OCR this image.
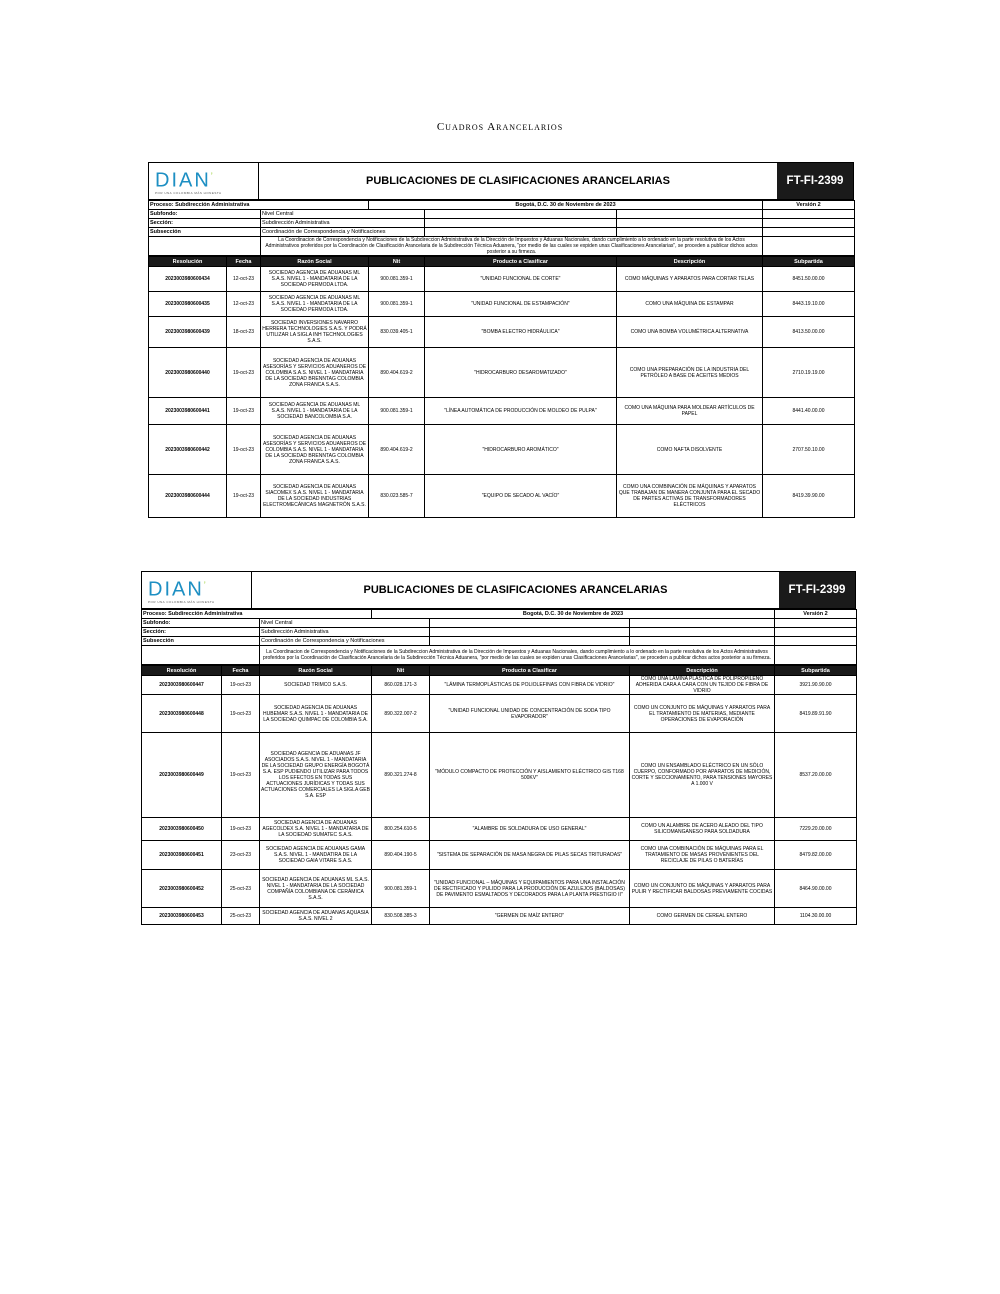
Cuadros Arancelarios
DIAN’
POR UNA COLOMBIA MÁS HONESTA
PUBLICACIONES DE CLASIFICACIONES ARANCELARIAS	FT-FI-2399
Proceso: Subdirección Administrativa		Bogotá, D.C. 30 de Noviembre de 2023			Versión 2
Subfondo:	Nivel Central				
Sección:	Subdirección Administrativa				
Subsección	Coordinación de Correspondencia y Notificaciones				
	La Coordinacion de Correspondencia y Notificaciones de la Subdireccion Administrativa de la Dirección de Impuestos y Aduanas Nacionales, dando cumplimiento a lo ordenado en la parte resolutiva de los Actos Administrativos proferidos por la Coordinación de Clasificación Arancelaria de la Subdirección Técnica Aduanera, "por medio de las cuales se expiden unas Clasificaciones Arancelarias", se proceden a publicar dichos actos posterior a su firmeza.				
Resolución	Fecha	Razón Social	Nit	Producto a Clasificar	Descripción	Subpartida
2023003980600434	12-oct-23	SOCIEDAD AGENCIA DE ADUANAS ML S.A.S. NIVEL 1 - MANDATARIA DE LA SOCIEDAD PERMODA LTDA.	900.081.359-1	"UNIDAD FUNCIONAL DE CORTE"	COMO MÁQUINAS Y APARATOS PARA CORTAR TELAS	8451.50.00.00
2023003980600435	12-oct-23	SOCIEDAD AGENCIA DE ADUANAS ML S.A.S. NIVEL 1 - MANDATARIA DE LA SOCIEDAD PERMODA LTDA.	900.081.359-1	"UNIDAD FUNCIONAL DE ESTAMPACIÓN"	COMO UNA MÁQUINA DE ESTAMPAR	8443.19.10.00
2023003980600439	18-oct-23	SOCIEDAD INVERSIONES NAVARRO HERRERA TECHNOLOGIES S.A.S. Y PODRÁ UTILIZAR LA SIGLA INH TECHNOLOGIES S.A.S.	830.039.405-1	"BOMBA ELECTRO HIDRÁULICA"	COMO UNA BOMBA VOLUMÉTRICA ALTERNATIVA	8413.50.00.00
2023003980600440	19-oct-23	SOCIEDAD AGENCIA DE ADUANAS ASESORÍAS Y SERVICIOS ADUANEROS DE COLOMBIA S.A.S. NIVEL 1 - MANDATARIA DE LA SOCIEDAD BRENNTAG COLOMBIA ZONA FRANCA S.A.S.	890.404.619-2	"HIDROCARBURO DESAROMATIZADO"	COMO UNA PREPARACIÓN DE LA INDUSTRIA DEL PETRÓLEO A BASE DE ACEITES MEDIOS	2710.19.19.00
2023003980600441	19-oct-23	SOCIEDAD AGENCIA DE ADUANAS ML S.A.S. NIVEL 1 - MANDATARIA DE LA SOCIEDAD BANCOLOMBIA S.A.	900.081.359-1	"LÍNEA AUTOMÁTICA DE PRODUCCIÓN DE MOLDEO DE PULPA"	COMO UNA MÁQUINA PARA MOLDEAR ARTÍCULOS DE PAPEL	8441.40.00.00
2023003980600442	19-oct-23	SOCIEDAD AGENCIA DE ADUANAS ASESORÍAS Y SERVICIOS ADUANEROS DE COLOMBIA S.A.S. NIVEL 1 - MANDATARIA DE LA SOCIEDAD BRENNTAG COLOMBIA ZONA FRANCA S.A.S.	890.404.619-2	"HIDROCARBURO AROMÁTICO"	COMO NAFTA DISOLVENTE	2707.50.10.00
2023003980600444	19-oct-23	SOCIEDAD AGENCIA DE ADUANAS SIACOMEX S.A.S. NIVEL 1 - MANDATARIA DE LA SOCIEDAD INDUSTRIAS ELECTROMECÁNICAS MAGNETRÓN S.A.S.	830.023.585-7	"EQUIPO DE SECADO AL VACÍO"	COMO UNA COMBINACIÓN DE MÁQUINAS Y APARATOS QUE TRABAJAN DE MANERA CONJUNTA PARA EL SECADO DE PARTES ACTIVAS DE TRANSFORMADORES ELÉCTRICOS	8419.39.90.00
DIAN’
POR UNA COLOMBIA MÁS HONESTA
PUBLICACIONES DE CLASIFICACIONES ARANCELARIAS	FT-FI-2399
Proceso: Subdirección Administrativa		Bogotá, D.C. 30 de Noviembre de 2023			Versión 2
Subfondo:	Nivel Central				
Sección:	Subdirección Administrativa				
Subsección	Coordinación de Correspondencia y Notificaciones				
	La Coordinacion de Correspondencia y Notificaciones de la Subdireccion Administrativa de la Dirección de Impuestos y Aduanas Nacionales, dando cumplimiento a lo ordenado en la parte resolutiva de los Actos Administrativos proferidos por la Coordinación de Clasificación Arancelaria de la Subdirección Técnica Aduanera, "por medio de las cuales se expiden unas Clasificaciones Arancelarias", se proceden a publicar dichos actos posterior a su firmeza.				
Resolución	Fecha	Razón Social	Nit	Producto a Clasificar	Descripción	Subpartida
2023003980600447	19-oct-23	SOCIEDAD TRIMCO S.A.S.	860.028.171-3	"LÁMINA TERMOPLÁSTICAS DE POLIOLEFINAS CON FIBRA DE VIDRIO"	COMO UNA LÁMINA PLÁSTICA DE POLIPROPILENO ADHERIDA CARA A CARA CON UN TEJIDO DE FIBRA DE VIDRIO	3921.90.90.00
2023003980600448	19-oct-23	SOCIEDAD AGENCIA DE ADUANAS HUBEMAR S.A.S. NIVEL 1 - MANDATARIA DE LA SOCIEDAD QUIMPAC DE COLOMBIA S.A.	890.322.007-2	"UNIDAD FUNCIONAL UNIDAD DE CONCENTRACIÓN DE SODA TIPO EVAPORADOR"	COMO UN CONJUNTO DE MÁQUINAS Y APARATOS PARA EL TRATAMIENTO DE MATERIAS, MEDIANTE OPERACIONES DE EVAPORACIÓN	8419.89.91.90
2023003980600449	19-oct-23	SOCIEDAD AGENCIA DE ADUANAS JF ASOCIADOS S.A.S. NIVEL 1 - MANDATARIA DE LA SOCIEDAD GRUPO ENERGÍA BOGOTÁ S.A. ESP PUDIENDO UTILIZAR PARA TODOS LOS EFECTOS EN TODAS SUS ACTUACIONES JURÍDICAS Y TODAS SUS ACTUACIONES COMERCIALES LA SIGLA GEB S.A. ESP	890.321.274-8	"MÓDULO COMPACTO DE PROTECCIÓN Y AISLAMIENTO ELÉCTRICO GIS T168 500KV"	COMO UN ENSAMBLADO ELÉCTRICO EN UN SÓLO CUERPO, CONFORMADO POR APARATOS DE MEDICIÓN, CORTE Y SECCIONAMIENTO, PARA TENSIONES MAYORES A 1.000 V	8537.20.00.00
2023003980600450	19-oct-23	SOCIEDAD AGENCIA DE ADUANAS AGECOLDEX S.A. NIVEL 1 - MANDATARIA DE LA SOCIEDAD SUMATEC S.A.S.	800.254.610-5	"ALAMBRE DE SOLDADURA DE USO GENERAL"	COMO UN ALAMBRE DE ACERO ALEADO DEL TIPO SILICOMANGANESO PARA SOLDADURA	7229.20.00.00
2023003980600451	23-oct-23	SOCIEDAD AGENCIA DE ADUANAS GAMA S.A.S. NIVEL 1 - MANDATIRA DE LA SOCIEDAD GAIA VITARE S.A.S.	890.404.190-5	"SISTEMA DE SEPARACIÓN DE MASA NEGRA DE PILAS SECAS TRITURADAS"	COMO UNA COMBINACIÓN DE MÁQUINAS PARA EL TRATAMIENTO DE MASAS PROVENIENTES DEL RECICLAJE DE PILAS O BATERÍAS	8479.82.00.00
2023003980600452	25-oct-23	SOCIEDAD AGENCIA DE ADUANAS ML S.A.S. NIVEL 1 - MANDATARIA DE LA SOCIEDAD COMPAÑÍA COLOMBIANA DE CERÁMICA S.A.S.	900.081.359-1	"UNIDAD FUNCIONAL – MÁQUINAS Y EQUIPAMIENTOS PARA UNA INSTALACIÓN DE RECTIFICADO Y PULIDO PARA LA PRODUCCIÓN DE AZULEJOS (BALDOSAS) DE PAVIMENTO ESMALTADOS Y DECORADOS PARA LA PLANTA PRESTIGIO II"	COMO UN CONJUNTO DE MÁQUINAS Y APARATOS PARA PULIR Y RECTIFICAR BALDOSAS PREVIAMENTE COCIDAS	8464.90.00.00
2023003980600453	25-oct-23	SOCIEDAD AGENCIA DE ADUANAS AQUASIA S.A.S. NIVEL 2	830.508.385-3	"GERMEN DE MAÍZ ENTERO"	COMO GERMEN DE CEREAL ENTERO	1104.30.00.00
